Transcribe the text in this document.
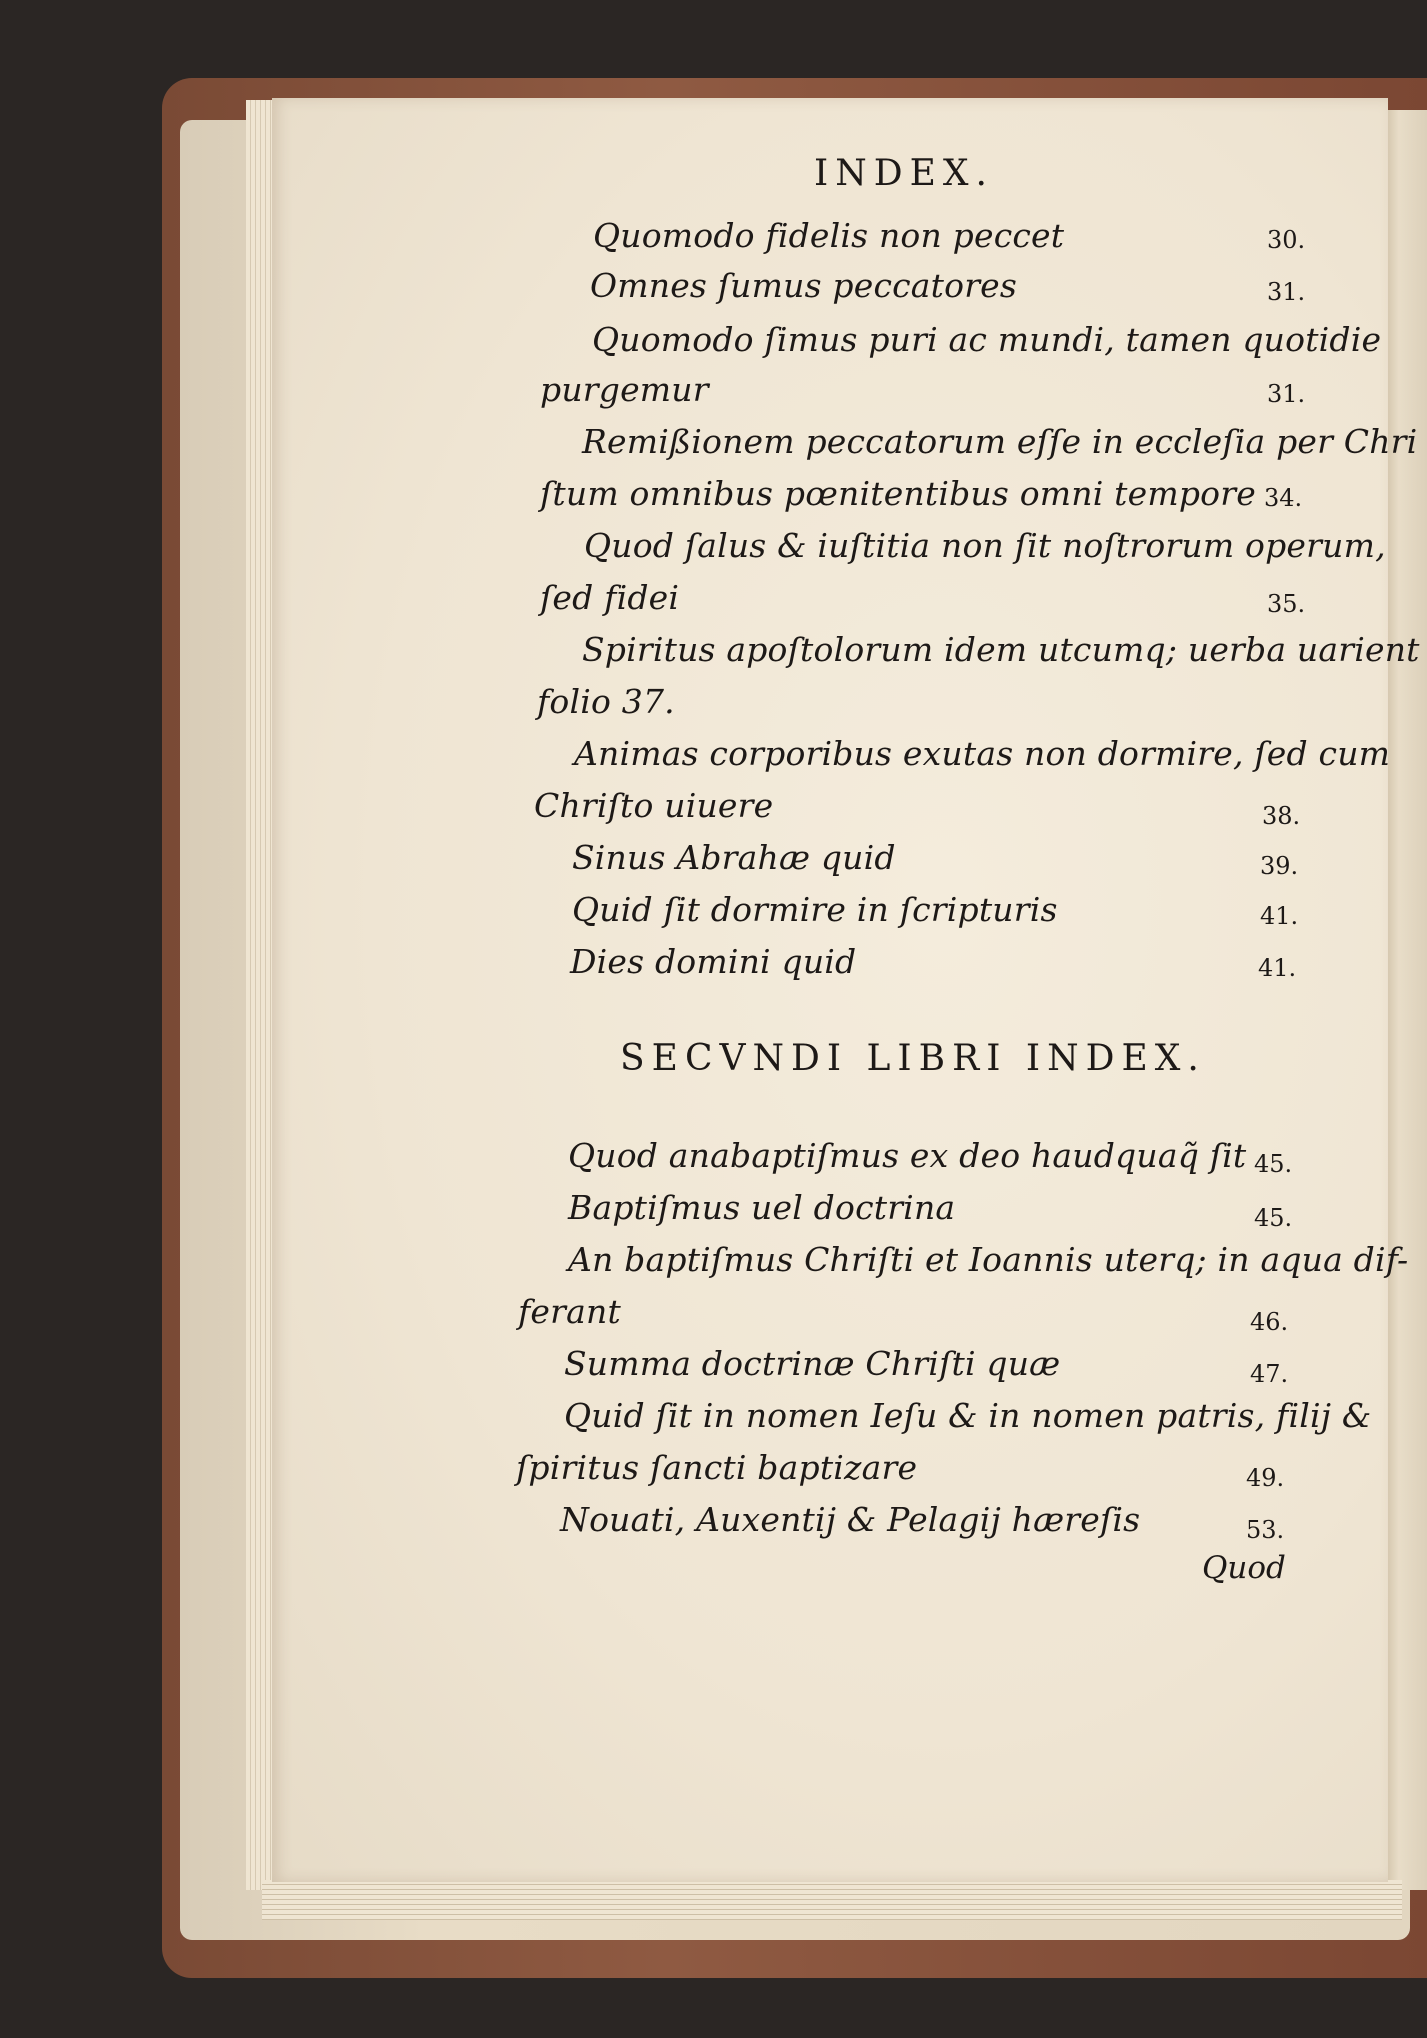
INDEX.
Quomodo fidelis non peccet	30.
Omnes ſumus peccatores	31.
Quomodo ſimus puri ac mundi, tamen quotidie
purgemur	31.
Remißionem peccatorum eſſe in eccleſia per Chri
ſtum omnibus pœnitentibus omni tempore 34.
Quod ſalus & iuſtitia non ſit noſtrorum operum,
ſed fidei	35.
Spiritus apoſtolorum idem utcumq; uerba uarient
folio 37.
Animas corporibus exutas non dormire, ſed cum
Chriſto uiuere	38.
Sinus Abrahæ quid	39.
Quid ſit dormire in ſcripturis	41.
Dies domini quid	41.
SECVNDI LIBRI INDEX.
Quod anabaptiſmus ex deo haudquaq̃ ſit 45.
Baptiſmus uel doctrina	45.
An baptiſmus Chriſti et Ioannis uterq; in aqua dif-
ferant	46.
Summa doctrinæ Chriſti quæ	47.
Quid ſit in nomen Ieſu & in nomen patris, filij &
ſpiritus ſancti baptizare	49.
Nouati, Auxentij & Pelagij hæreſis	53.
Quod
